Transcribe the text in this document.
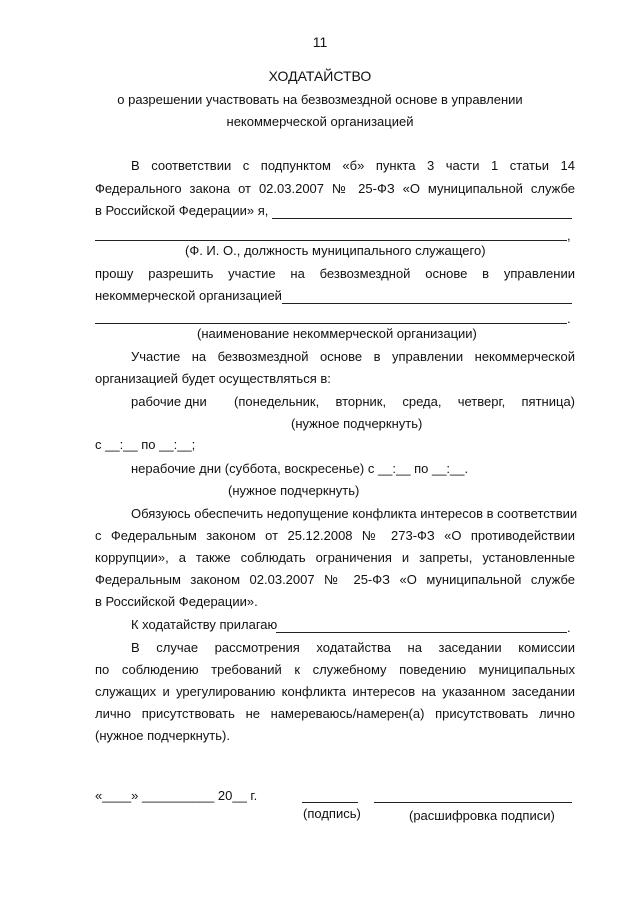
11
ХОДАТАЙСТВО
о разрешении участвовать на безвозмездной основе в управлении
некоммерческой организацией
В соответствии с подпунктом «б» пункта 3 части 1 статьи 14
Федерального закона от 02.03.2007 № 25-ФЗ «О муниципальной службе
в Российской Федерации» я,
,
(Ф. И. О., должность муниципального служащего)
прошу разрешить участие на безвозмездной основе в управлении
некоммерческой организацией
.
(наименование некоммерческой организации)
Участие на безвозмездной основе в управлении некоммерческой
организацией будет осуществляться в:
рабочие дни (понедельник, вторник, среда, четверг, пятница)
(нужное подчеркнуть)
с __:__ по __:__;
нерабочие дни (суббота, воскресенье) с __:__ по __:__.
(нужное подчеркнуть)
Обязуюсь обеспечить недопущение конфликта интересов в соответствии
с Федеральным законом от 25.12.2008 № 273-ФЗ «О противодействии
коррупции», а также соблюдать ограничения и запреты, установленные
Федеральным законом 02.03.2007 № 25-ФЗ «О муниципальной службе
в Российской Федерации».
К ходатайству прилагаю	.
В случае рассмотрения ходатайства на заседании комиссии
по соблюдению требований к служебному поведению муниципальных
служащих и урегулированию конфликта интересов на указанном заседании
лично присутствовать не намереваюсь/намерен(а) присутствовать лично
(нужное подчеркнуть).
«____» __________ 20__ г.
(подпись)	(расшифровка подписи)
